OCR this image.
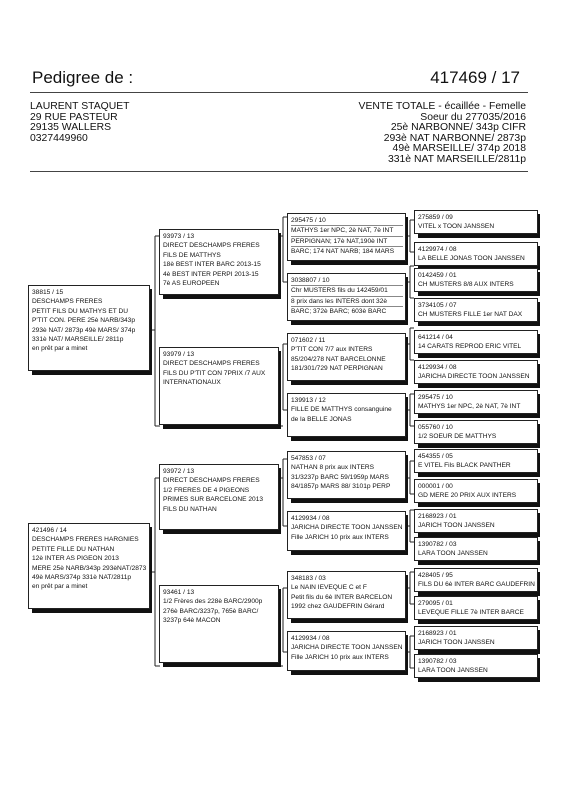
Pedigree de :	417469 / 17
LAURENT STAQUET
29 RUE PASTEUR
29135 WALLERS
0327449960
VENTE TOTALE - écaillée - Femelle
Soeur du 277035/2016
25è NARBONNE/ 343p CIFR
293è NAT NARBONNE/ 2873p
49è MARSEILLE/ 374p 2018
331è NAT MARSEILLE/2811p
38815 / 15
DESCHAMPS FRERES
PETIT FILS DU MATHYS ET DU
P'TIT CON. PERE 25è NARB/343p
293è NAT/ 2873p 49è MARS/ 374p
331è NAT/ MARSEILLE/ 2811p
en prêt par a minet
421496 / 14
DESCHAMPS FRERES HARGNIES
PETITE FILLE DU NATHAN
12è INTER AS PIGEON 2013
MERE 25è NARB/343p 293èNAT/2873
49è MARS/374p 331è NAT/2811p
en prêt par a minet
93973 / 13
DIRECT DESCHAMPS FRERES
FILS DE MATTHYS
18è BEST INTER BARC 2013-15
4è BEST INTER PERPI 2013-15
7è AS EUROPEEN
93979 / 13
DIRECT DESCHAMPS FRERES
FILS DU P'TIT CON 7PRIX /7 AUX
INTERNATIONAUX
93972 / 13
DIRECT DESCHAMPS FRERES
1/2 FRERES DE 4 PIGEONS
PRIMES SUR BARCELONE 2013
FILS DU NATHAN
93461 / 13
1/2 Frères des 228è BARC/2900p
276è BARC/3237p, 765è BARC/
3237p 64è MACON
295475 / 10
MATHYS 1er NPC, 2è NAT, 7è INT
PERPIGNAN; 17è NAT,190è INT
BARC; 174 NAT NARB; 184 MARS
3038807 / 10
Chr MUSTERS fils du 142459/01
8 prix dans les INTERS dont 32è
BARC; 372è BARC; 603è BARC
071602 / 11
P'TIT CON 7/7 aux INTERS
85/204/278 NAT BARCELONNE
181/301/729 NAT PERPIGNAN
139913 / 12
FILLE DE MATTHYS consanguine
de la BELLE JONAS
547853 / 07
NATHAN 8 prix aux INTERS
31/3237p BARC 59/1959p MARS
84/1857p MARS 88/ 3101p PERP
4129934 / 08
JARICHA DIRECTE TOON JANSSEN
Fille JARICH 10 prix aux INTERS
348183 / 03
Le NAIN IEVEQUE C et F
Petit fils du 6è INTER BARCELON
1992 chez GAUDEFRIN Gérard
4129934 / 08
JARICHA DIRECTE TOON JANSSEN
Fille JARICH 10 prix aux INTERS
275859 / 09
VITEL x TOON JANSSEN
4129974 / 08
LA BELLE JONAS TOON JANSSEN
0142459 / 01
CH MUSTERS 8/8 AUX INTERS
3734105 / 07
CH MUSTERS FILLE 1er NAT DAX
641214 / 04
14 CARATS REPROD ERIC VITEL
4129934 / 08
JARICHA DIRECTE TOON JANSSEN
295475 / 10
MATHYS 1er NPC, 2è NAT, 7è INT
055760 / 10
1/2 SOEUR DE MATTHYS
454355 / 05
E VITEL Fils BLACK PANTHER
000001 / 00
GD MERE 20 PRIX AUX INTERS
2168923 / 01
JARICH TOON JANSSEN
1390782 / 03
LARA TOON JANSSEN
428405 / 95
FILS DU 6è INTER BARC GAUDEFRIN
279095 / 01
LEVEQUE FILLE 7è INTER BARCE
2168923 / 01
JARICH TOON JANSSEN
1390782 / 03
LARA TOON JANSSEN
